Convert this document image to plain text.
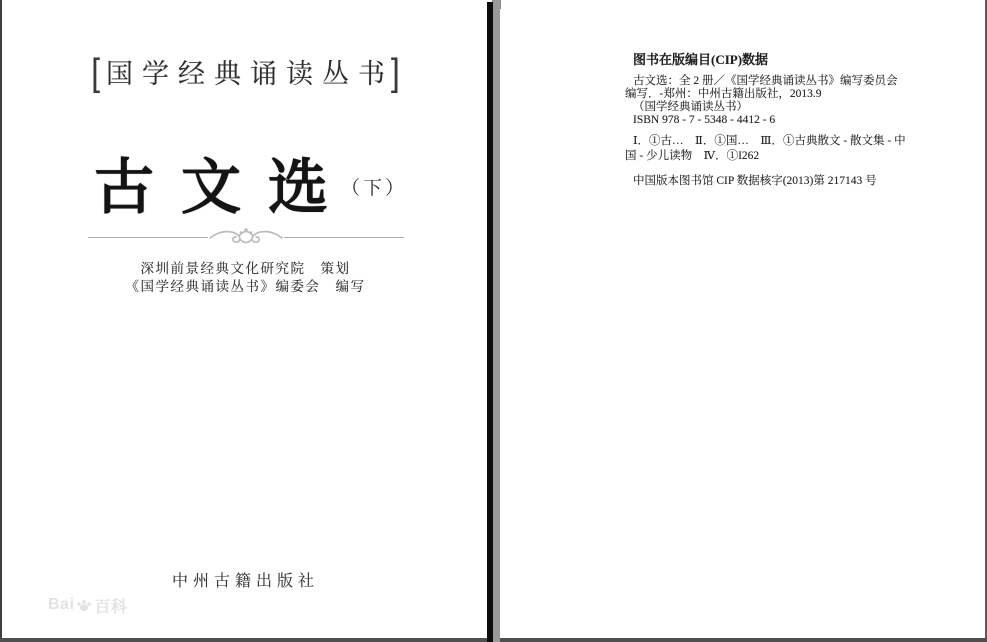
[ 国学经典诵读丛书]
古文选
（下）
深圳前景经典文化研究院　策划
《国学经典诵读丛书》编委会　编写
中州古籍出版社
图书在版编目(CIP)数据
古文选：全 2 册／《国学经典诵读丛书》编写委员会
编写．-郑州：中州古籍出版社，2013.9
（国学经典诵读丛书）
ISBN 978 - 7 - 5348 - 4412 - 6
Ⅰ．①古…　Ⅱ．①国…　Ⅲ．①古典散文 - 散文集 - 中
国 - 少儿读物　Ⅳ．①I262
中国版本图书馆 CIP 数据核字(2013)第 217143 号
Bai 百科
